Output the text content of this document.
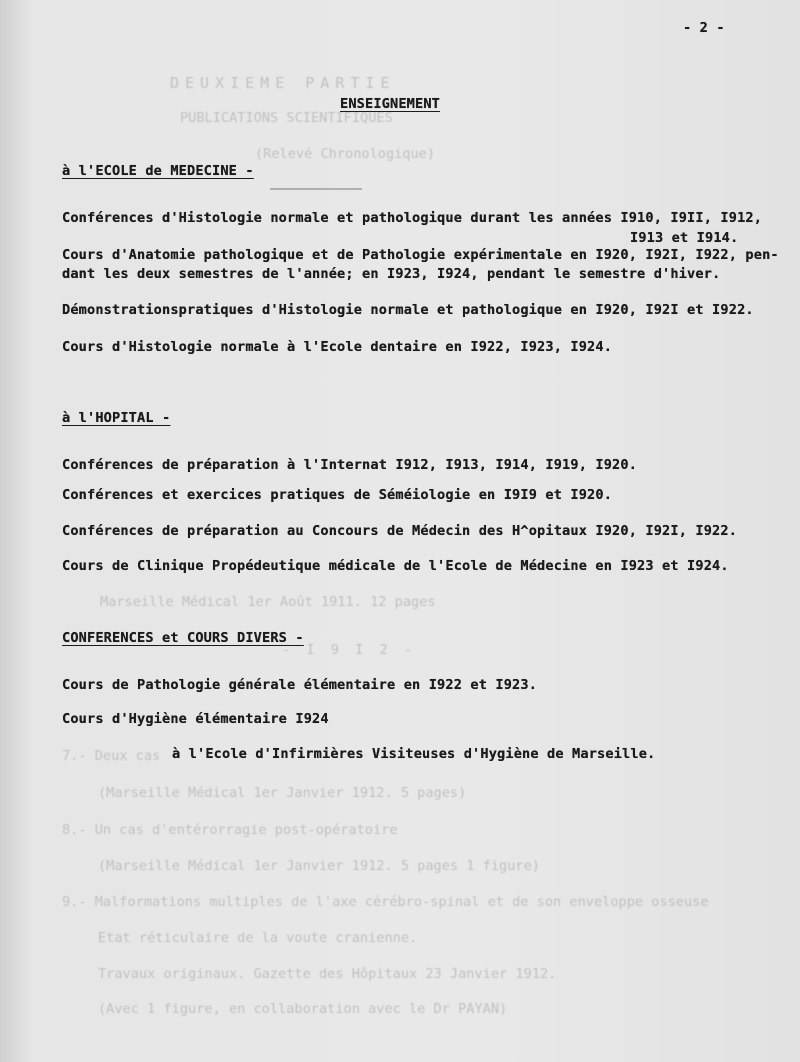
DEUXIEME PARTIE
PUBLICATIONS SCIENTIFIQUES
(Relevé Chronologique)
Marseille Médical 1er Août 1911. 12 pages
- I 9 I 2 -
7.- Deux cas
(Marseille Médical 1er Janvier 1912. 5 pages)
8.- Un cas d'entérorragie post-opératoire
(Marseille Médical 1er Janvier 1912. 5 pages 1 figure)
9.- Malformations multiples de l'axe cérébro-spinal et de son enveloppe osseuse
Etat réticulaire de la voute cranienne.
Travaux originaux. Gazette des Hôpitaux 23 Janvier 1912.
(Avec 1 figure, en collaboration avec le Dr PAYAN)
- 2 -
ENSEIGNEMENT
à l'ECOLE de MEDECINE -
Conférences d'Histologie normale et pathologique durant les années I910, I9II, I912,
I913 et I914.
Cours d'Anatomie pathologique et de Pathologie expérimentale en I920, I92I, I922, pen-
dant les deux semestres de l'année; en I923, I924, pendant le semestre d'hiver.
Démonstrationspratiques d'Histologie normale et pathologique en I920, I92I et I922.
Cours d'Histologie normale à l'Ecole dentaire en I922, I923, I924.
à l'HOPITAL -
Conférences de préparation à l'Internat I912, I913, I914, I919, I920.
Conférences et exercices pratiques de Séméiologie en I9I9 et I920.
Conférences de préparation au Concours de Médecin des H^opitaux I920, I92I, I922.
Cours de Clinique Propédeutique médicale de l'Ecole de Médecine en I923 et I924.
CONFERENCES et COURS DIVERS -
Cours de Pathologie générale élémentaire en I922 et I923.
Cours d'Hygiène élémentaire I924
à l'Ecole d'Infirmières Visiteuses d'Hygiène de Marseille.
